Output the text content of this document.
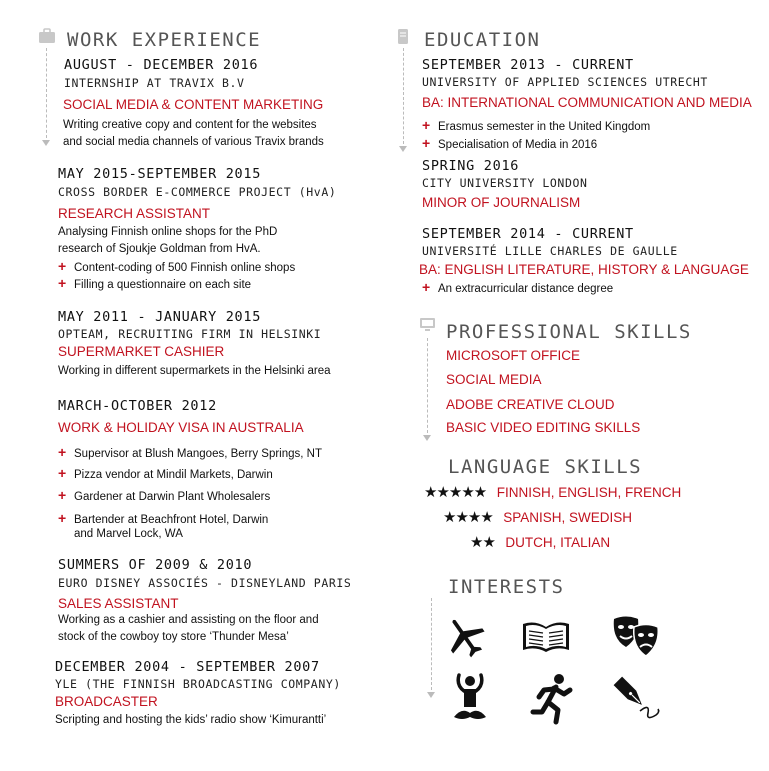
WORK EXPERIENCE
AUGUST - DECEMBER 2016
INTERNSHIP AT TRAVIX B.V
SOCIAL MEDIA & CONTENT MARKETING
Writing creative copy and content for the websites
and social media channels of various Travix brands
MAY 2015-SEPTEMBER 2015
CROSS BORDER E-COMMERCE PROJECT (HvA)
RESEARCH ASSISTANT
Analysing Finnish online shops for the PhD
research of Sjoukje Goldman from HvA.
+ Content-coding of 500 Finnish online shops
+ Filling a questionnaire on each site
MAY 2011 - JANUARY 2015
OPTEAM, RECRUITING FIRM IN HELSINKI
SUPERMARKET CASHIER
Working in different supermarkets in the Helsinki area
MARCH-OCTOBER 2012
WORK & HOLIDAY VISA IN AUSTRALIA
+ Supervisor at Blush Mangoes, Berry Springs, NT
+ Pizza vendor at Mindil Markets, Darwin
+ Gardener at Darwin Plant Wholesalers
+ Bartender at Beachfront Hotel, Darwin
and Marvel Lock, WA
SUMMERS OF 2009 & 2010
EURO DISNEY ASSOCIÉS - DISNEYLAND PARIS
SALES ASSISTANT
Working as a cashier and assisting on the floor and
stock of the cowboy toy store ‘Thunder Mesa’
DECEMBER 2004 - SEPTEMBER 2007
YLE (THE FINNISH BROADCASTING COMPANY)
BROADCASTER
Scripting and hosting the kids’ radio show ‘Kimurantti’
EDUCATION
SEPTEMBER 2013 - CURRENT
UNIVERSITY OF APPLIED SCIENCES UTRECHT
BA: INTERNATIONAL COMMUNICATION AND MEDIA
+ Erasmus semester in the United Kingdom
+ Specialisation of Media in 2016
SPRING 2016
CITY UNIVERSITY LONDON
MINOR OF JOURNALISM
SEPTEMBER 2014 - CURRENT
UNIVERSITÉ LILLE CHARLES DE GAULLE
BA: ENGLISH LITERATURE, HISTORY & LANGUAGE
+ An extracurricular distance degree
PROFESSIONAL SKILLS
MICROSOFT OFFICE
SOCIAL MEDIA
ADOBE CREATIVE CLOUD
BASIC VIDEO EDITING SKILLS
LANGUAGE SKILLS
★★★★★ FINNISH, ENGLISH, FRENCH
★★★★ SPANISH, SWEDISH
★★ DUTCH, ITALIAN
INTERESTS
